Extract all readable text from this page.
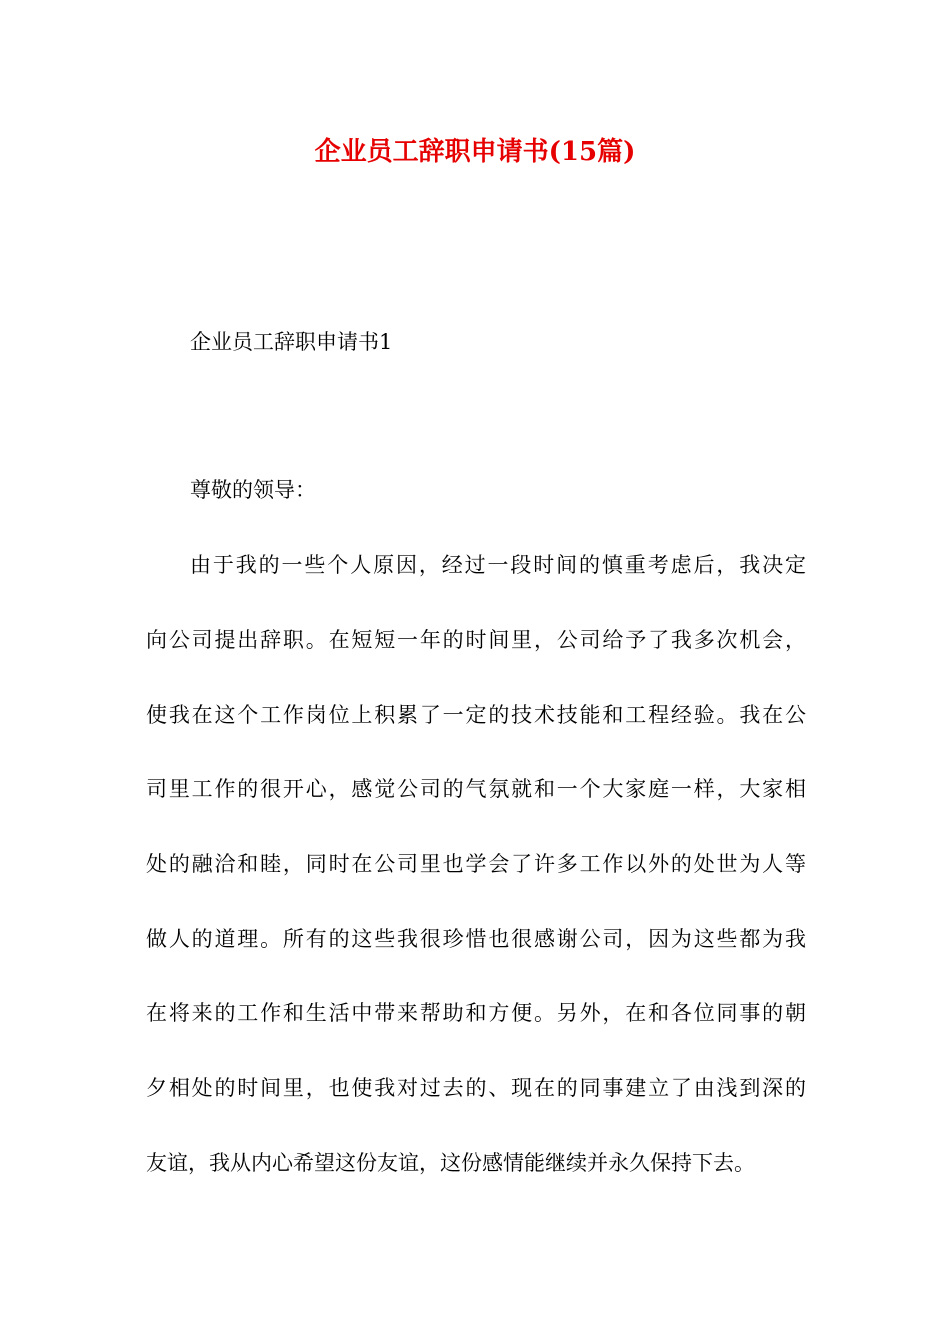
企业员工辞职申请书(15篇)
企业员工辞职申请书1

尊敬的领导：

由于我的一些个人原因，经过一段时间的慎重考虑后，我决定

向公司提出辞职。在短短一年的时间里，公司给予了我多次机会，

使我在这个工作岗位上积累了一定的技术技能和工程经验。我在公

司里工作的很开心，感觉公司的气氛就和一个大家庭一样，大家相

处的融洽和睦，同时在公司里也学会了许多工作以外的处世为人等

做人的道理。所有的这些我很珍惜也很感谢公司，因为这些都为我

在将来的工作和生活中带来帮助和方便。另外，在和各位同事的朝

夕相处的时间里，也使我对过去的、现在的同事建立了由浅到深的

友谊，我从内心希望这份友谊，这份感情能继续并永久保持下去。
